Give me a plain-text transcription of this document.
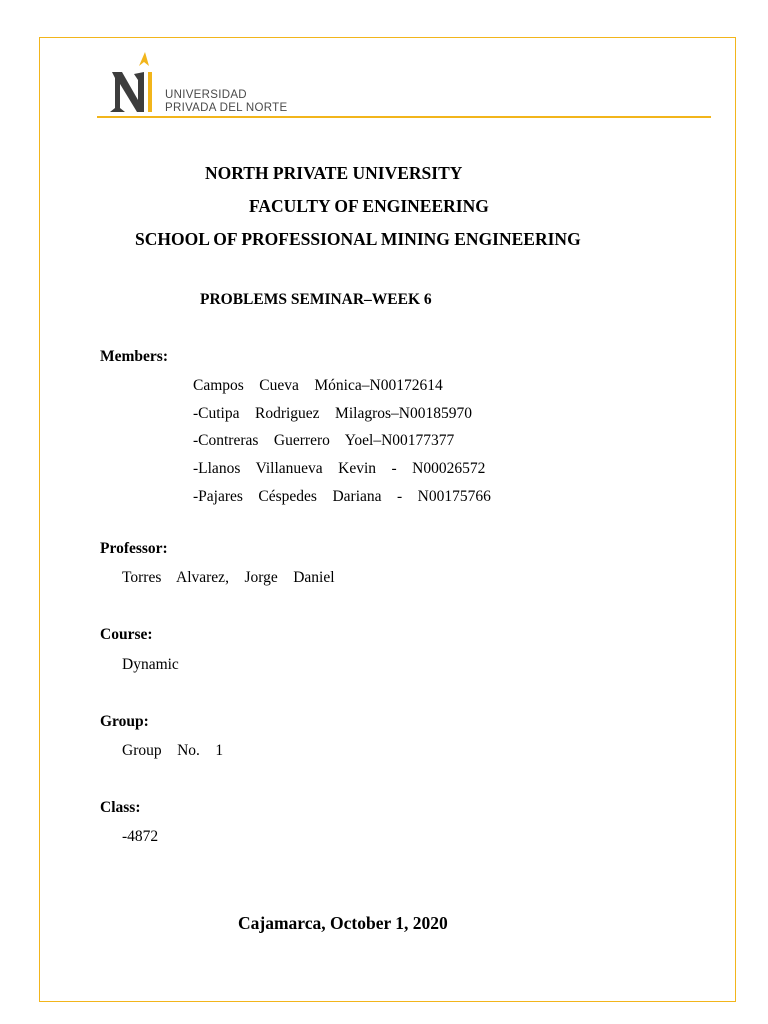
UNIVERSIDAD
PRIVADA DEL NORTE
NORTH PRIVATE UNIVERSITY
FACULTY OF ENGINEERING
SCHOOL OF PROFESSIONAL MINING ENGINEERING
PROBLEMS SEMINAR–WEEK 6
Members:
Campos    Cueva    Mónica–N00172614
-Cutipa    Rodriguez    Milagros–N00185970
-Contreras    Guerrero    Yoel–N00177377
-Llanos    Villanueva    Kevin    -    N00026572
-Pajares    Céspedes    Dariana    -    N00175766
Professor:
Torres    Alvarez,    Jorge    Daniel
Course:
Dynamic
Group:
Group    No.    1
Class:
-4872
Cajamarca, October 1, 2020
